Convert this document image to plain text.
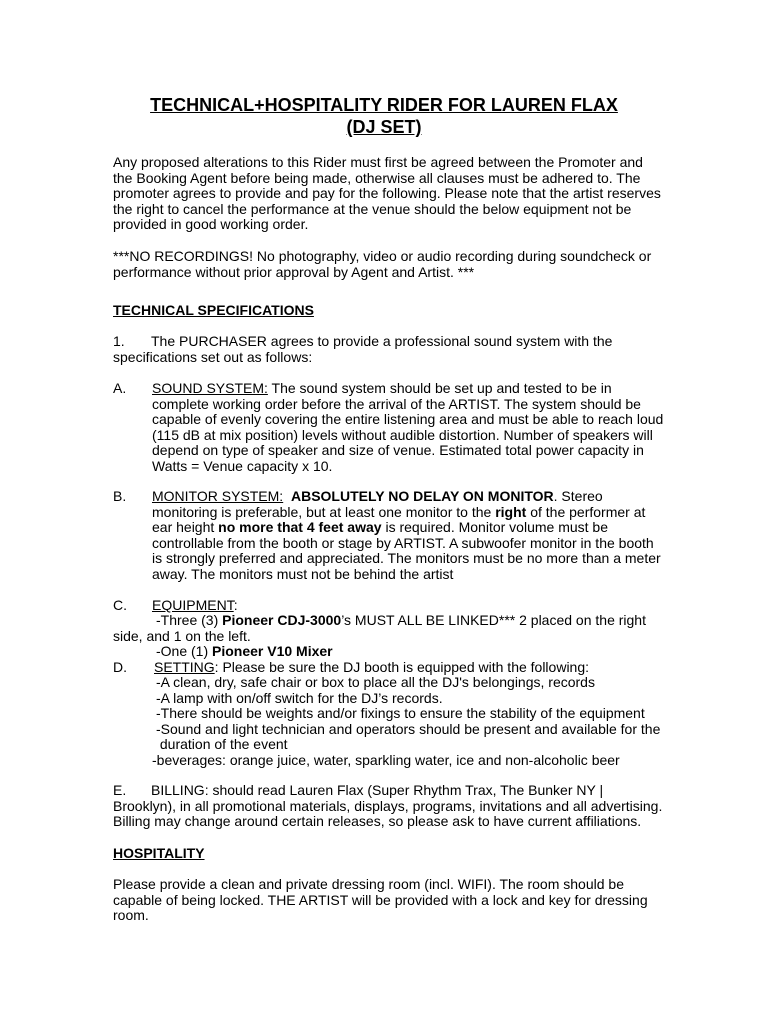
TECHNICAL+HOSPITALITY RIDER FOR LAUREN FLAX
(DJ SET)

Any proposed alterations to this Rider must first be agreed between the Promoter and the Booking Agent before being made, otherwise all clauses must be adhered to. The promoter agrees to provide and pay for the following. Please note that the artist reserves the right to cancel the performance at the venue should the below equipment not be provided in good working order.

***NO RECORDINGS! No photography, video or audio recording during soundcheck or performance without prior approval by Agent and Artist. ***

TECHNICAL SPECIFICATIONS
1.	The PURCHASER agrees to provide a professional sound system with the specifications set out as follows:

A. SOUND SYSTEM: The sound system should be set up and tested to be in complete working order before the arrival of the ARTIST. The system should be capable of evenly covering the entire listening area and must be able to reach loud (115 dB at mix position) levels without audible distortion. Number of speakers will depend on type of speaker and size of venue. Estimated total power capacity in Watts = Venue capacity x 10.

B. MONITOR SYSTEM: ABSOLUTELY NO DELAY ON MONITOR. Stereo monitoring is preferable, but at least one monitor to the right of the performer at ear height no more that 4 feet away is required. Monitor volume must be controllable from the booth or stage by ARTIST. A subwoofer monitor in the booth is strongly preferred and appreciated. The monitors must be no more than a meter away. The monitors must not be behind the artist

C. EQUIPMENT:
-Three (3) Pioneer CDJ-3000’s MUST ALL BE LINKED*** 2 placed on the right
side, and 1 on the left.
-One (1) Pioneer V10 Mixer
D. SETTING: Please be sure the DJ booth is equipped with the following:
-A clean, dry, safe chair or box to place all the DJ's belongings, records
-A lamp with on/off switch for the DJ’s records.
-There should be weights and/or fixings to ensure the stability of the equipment
-Sound and light technician and operators should be present and available for the
duration of the event
-beverages: orange juice, water, sparkling water, ice and non-alcoholic beer
E.	BILLING: should read Lauren Flax (Super Rhythm Trax, The Bunker NY | Brooklyn), in all promotional materials, displays, programs, invitations and all advertising. Billing may change around certain releases, so please ask to have current affiliations.

HOSPITALITY

Please provide a clean and private dressing room (incl. WIFI). The room should be capable of being locked. THE ARTIST will be provided with a lock and key for dressing room.
